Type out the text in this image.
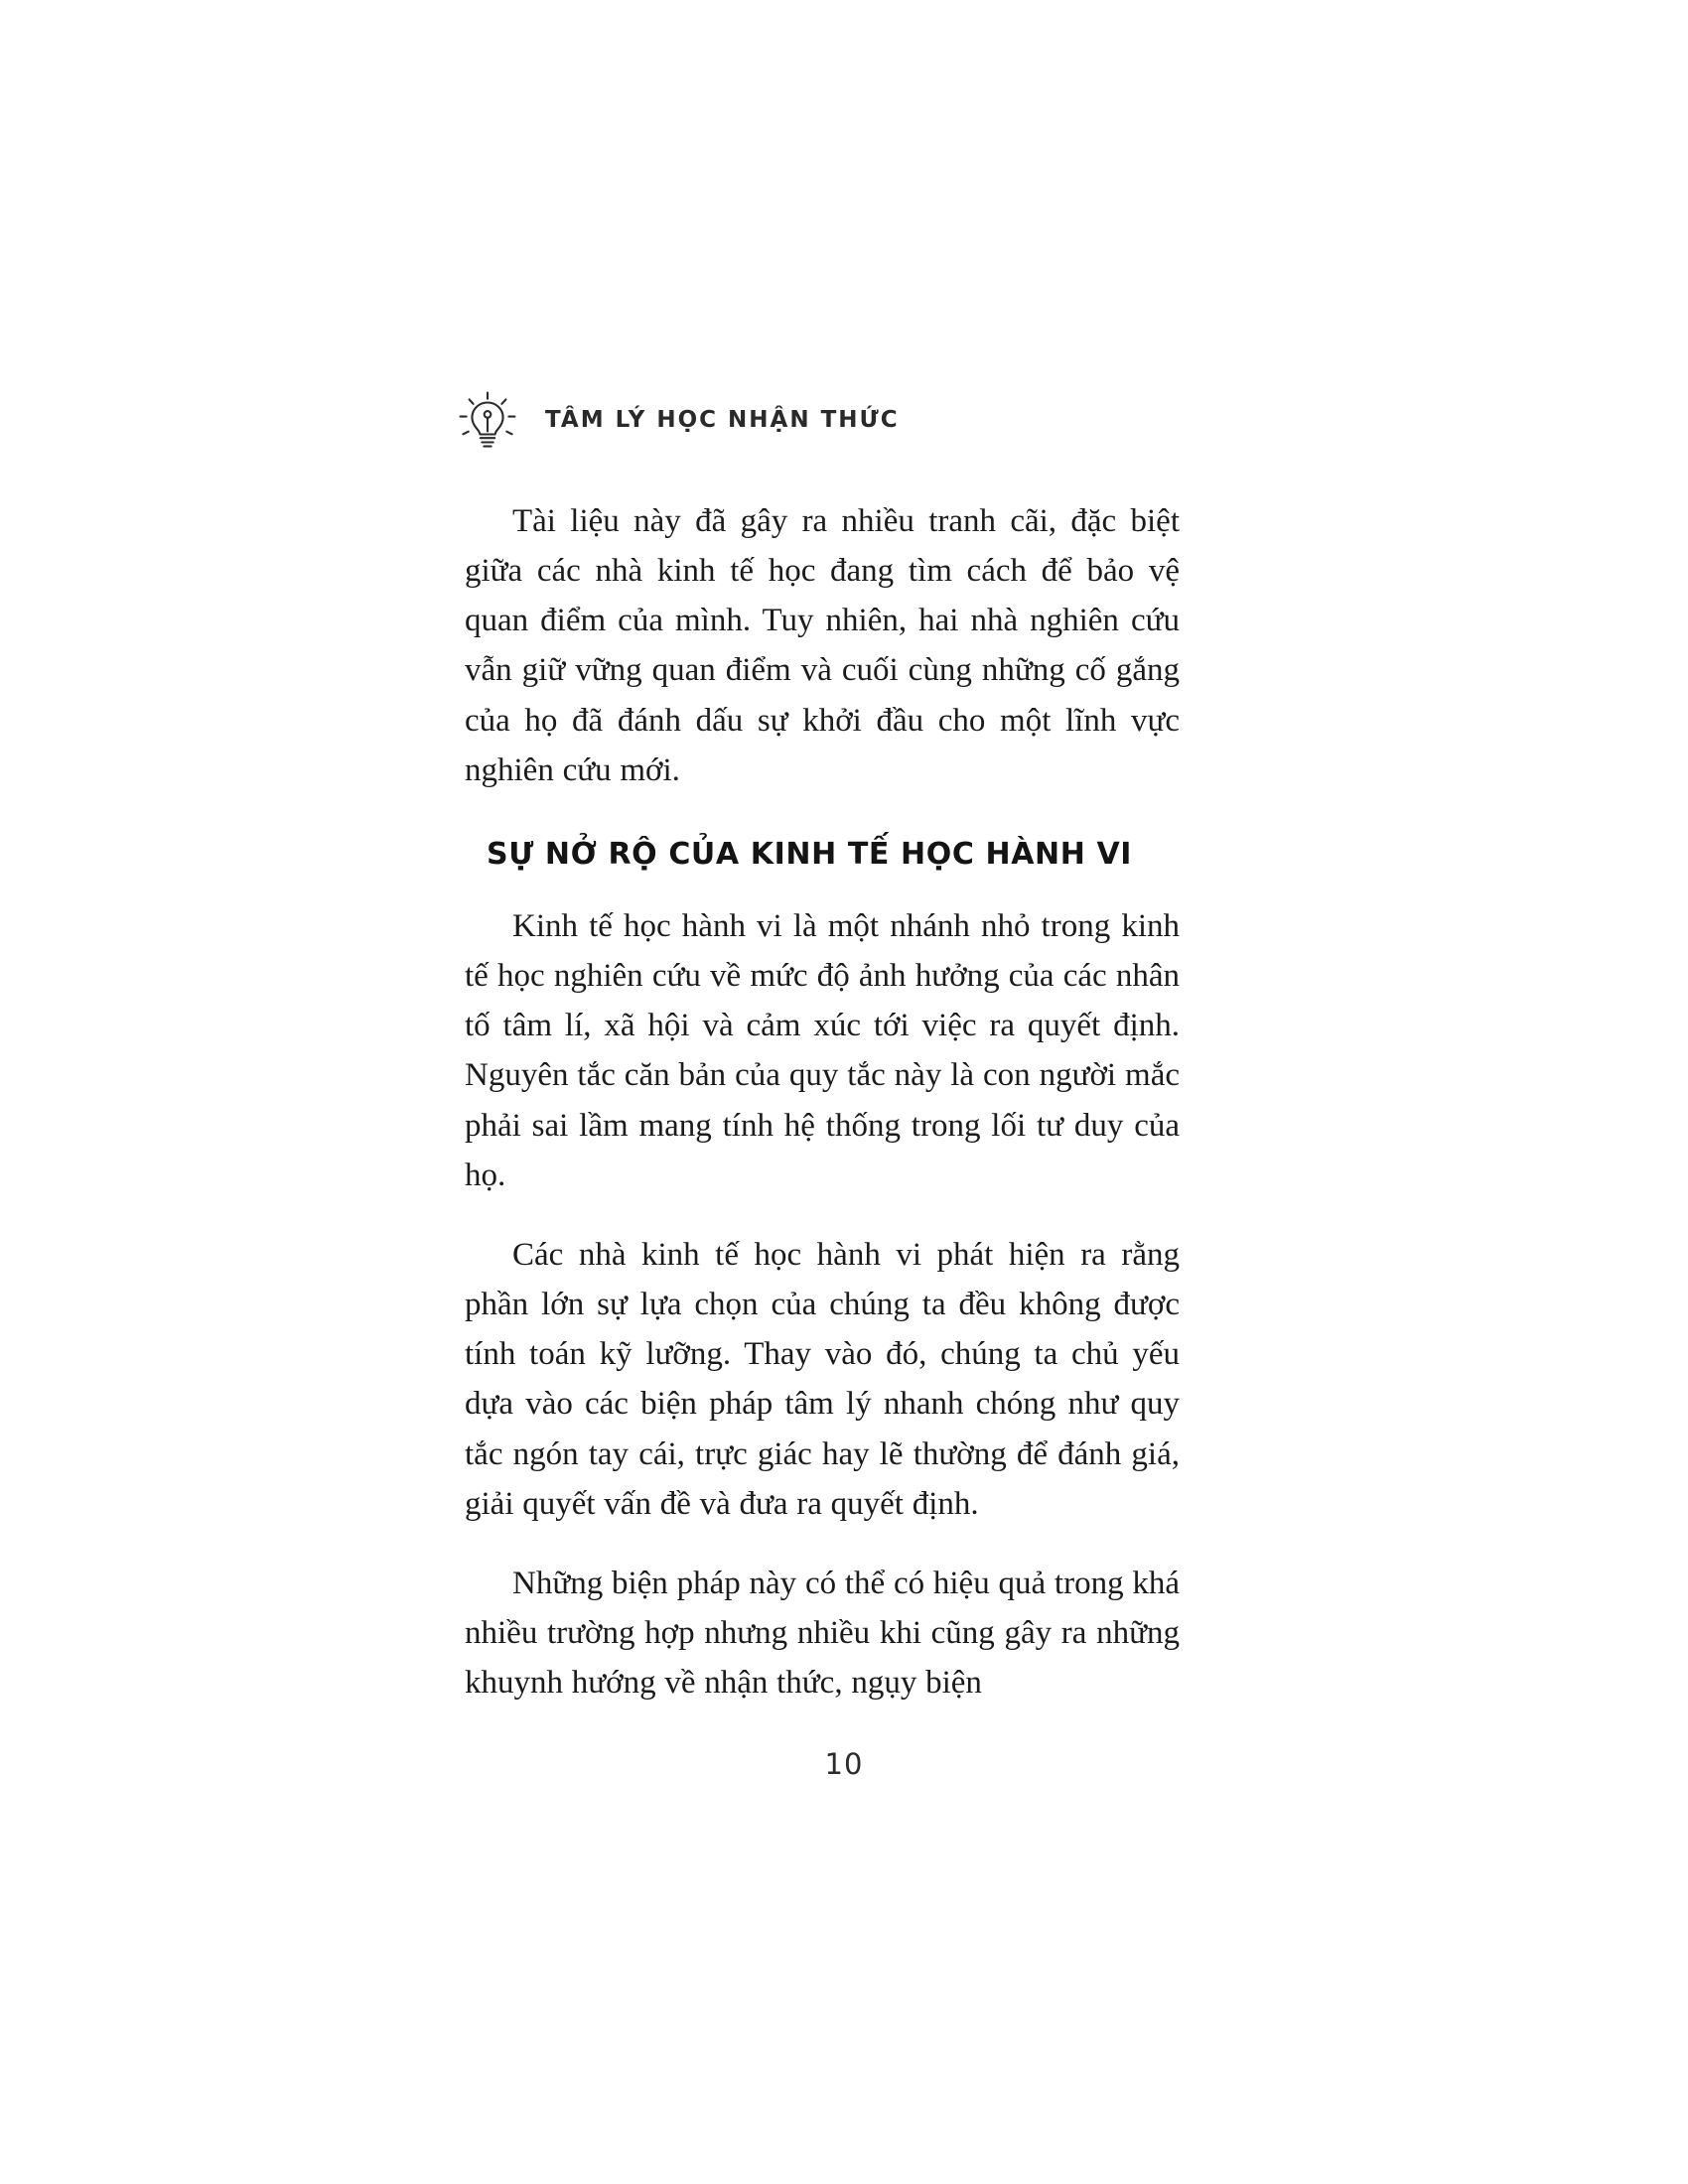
TÂM LÝ HỌC NHẬN THỨC

Tài liệu này đã gây ra nhiều tranh cãi, đặc biệt giữa các nhà kinh tế học đang tìm cách để bảo vệ quan điểm của mình. Tuy nhiên, hai nhà nghiên cứu vẫn giữ vững quan điểm và cuối cùng những cố gắng của họ đã đánh dấu sự khởi đầu cho một lĩnh vực nghiên cứu mới.

SỰ NỞ RỘ CỦA KINH TẾ HỌC HÀNH VI

Kinh tế học hành vi là một nhánh nhỏ trong kinh tế học nghiên cứu về mức độ ảnh hưởng của các nhân tố tâm lí, xã hội và cảm xúc tới việc ra quyết định. Nguyên tắc căn bản của quy tắc này là con người mắc phải sai lầm mang tính hệ thống trong lối tư duy của họ.

Các nhà kinh tế học hành vi phát hiện ra rằng phần lớn sự lựa chọn của chúng ta đều không được tính toán kỹ lưỡng. Thay vào đó, chúng ta chủ yếu dựa vào các biện pháp tâm lý nhanh chóng như quy tắc ngón tay cái, trực giác hay lẽ thường để đánh giá, giải quyết vấn đề và đưa ra quyết định.

Những biện pháp này có thể có hiệu quả trong khá nhiều trường hợp nhưng nhiều khi cũng gây ra những khuynh hướng về nhận thức, ngụy biện

10
